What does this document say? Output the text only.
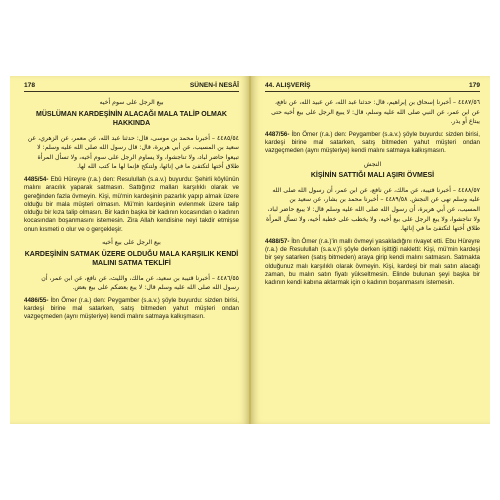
178	SÜNEN-İ NESÂÎ
بيع الرجل على سوم أخيه
MÜSLÜMAN KARDEŞİNİN ALACAĞI MALA TALİP OLMAK HAKKINDA
٤٤٨٥/٥٤ – أخبرنا محمد بن موسى، قال: حدثنا عبد الله، عن معمر، عن الزهري، عن سعيد بن المسيب، عن أبي هريرة، قال: قال رسول الله صلى الله عليه وسلم: لا تبيعوا حاضر لباد، ولا تناجشوا، ولا يساوم الرجل على سوم أخيه، ولا تسأل المرأة طلاق أختها لتكتفئ ما في إنائها، ولتنكح فإنما لها ما كتب الله لها.
4485/54- Ebû Hüreyre (r.a.) den: Resulullah (s.a.v.) buyurdu: Şehirli köylünün malını aracılık yaparak satmasın. Sattığınız malları karşılıklı olarak ve gereğinden fazla övmeyin. Kişi, mü'min kardeşinin pazarlık yapıp almak üzere olduğu bir mala müşteri olmasın. Mü'min kardeşinin evlenmek üzere talip olduğu bir kıza talip olmasın. Bir kadın başka bir kadının kocasından o kadının kocasından boşanmasını istemesin. Zira Allah kendisine neyi takdir etmişse onun kısmeti o olur ve o gerçekleşir.
بيع الرجل على بيع أخيه
KARDEŞİNİN SATMAK ÜZERE OLDUĞU MALA KARŞILIK KENDİ MALINI SATMA TEKLİFİ
٤٤٨٦/٥٥ – أخبرنا قتيبة بن سعيد، عن مالك، والليث، عن نافع، عن ابن عمر، أن رسول الله صلى الله عليه وسلم قال: لا يبع بعضكم على بيع بعض.
4486/55- İbn Ömer (r.a.) den: Peygamber (s.a.v.) şöyle buyurdu: sizden birisi, kardeşi birine mal satarken, satış bitmeden yahut müşteri ondan vazgeçmeden (aynı müşteriye) kendi malını satmaya kalkışmasın.
44. ALIŞVERİŞ	179
٤٤٨٧/٥٦ – أخبرنا إسحاق بن إبراهيم، قال: حدثنا عبد الله، عن عبيد الله، عن نافع، عن ابن عمر، عن النبي صلى الله عليه وسلم، قال: لا يبيع الرجل على بيع أخيه حتى يبتاع أو يذر.
4487/56- İbn Ömer (r.a.) den: Peygamber (s.a.v.) şöyle buyurdu: sizden birisi, kardeşi birine mal satarken, satış bitmeden yahut müşteri ondan vazgeçmeden (aynı müşteriye) kendi malını satmaya kalkışmasın.
النجش
KİŞİNİN SATTIĞI MALI AŞIRI ÖVMESİ
٤٤٨٨/٥٧ – أخبرنا قتيبة، عن مالك، عن نافع، عن ابن عمر، أن رسول الله صلى الله عليه وسلم نهى عن النجش. ٤٤٨٩/٥٨ – أخبرنا محمد بن بشار، عن سعيد بن المسيب، عن أبي هريرة، أن رسول الله صلى الله عليه وسلم قال: لا يبيع حاضر لباد، ولا تناجشوا، ولا يبع الرجل على بيع أخيه، ولا يخطب على خطبة أخيه، ولا تسأل المرأة طلاق أختها لتكتفئ ما في إنائها.
4488/57- İbn Ömer (r.a.)'in mallı övmeyi yasakladığını rivayet etti. Ebu Hüreyre (r.a.) de Resulullah (s.a.v.)'i şöyle derken işittiği nakletti: Kişi, mü'min kardeşi bir şey satarken (satış bitmeden) araya girip kendi malını satmasın. Satmakta olduğunuz malı karşılıklı olarak övmeyin. Kişi, kardeşi bir malı satın alacağı zaman, bu malın satın fiyatı yükseltmesin. Elinde bulunan şeyi başka bir kadının kendi kabına aktarmak için o kadının boşanmasını istemesin.
